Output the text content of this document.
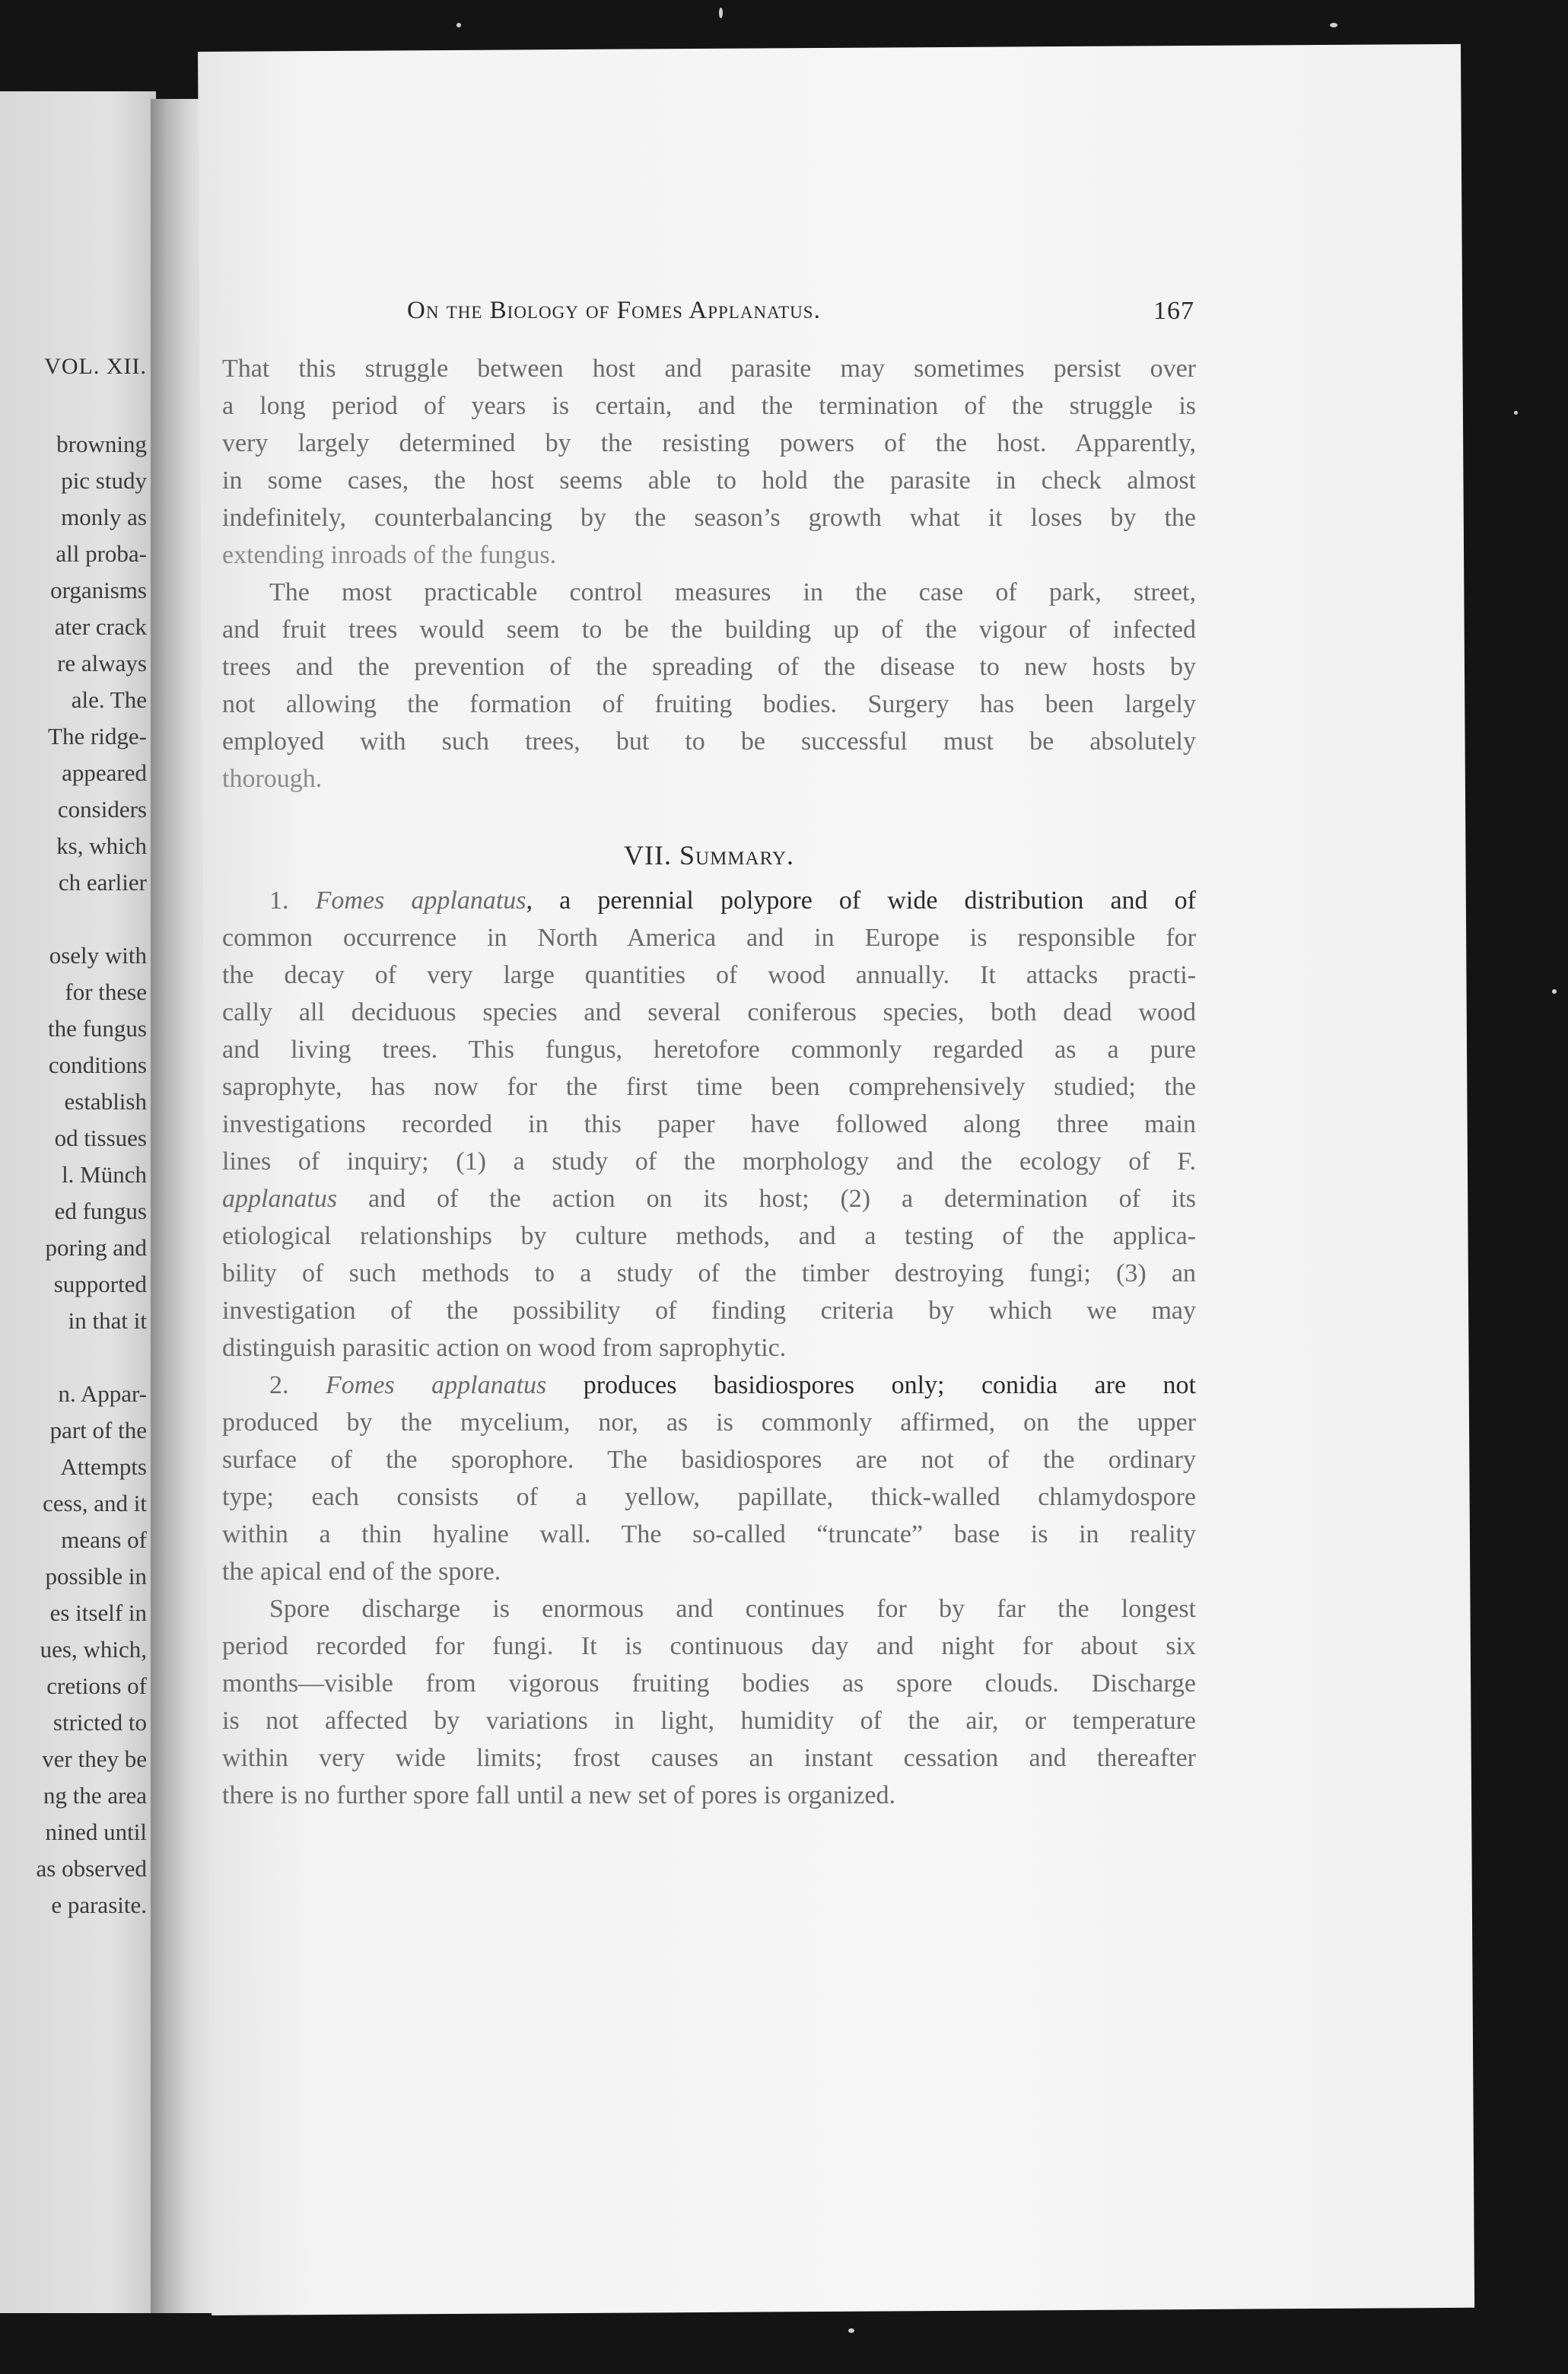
VOL. XII.
browning
pic study
monly as
all proba-
organisms
ater crack
re always
ale. The
The ridge-
appeared
considers
ks, which
ch earlier
osely with
for these
the fungus
conditions
establish
od tissues
l. Münch
ed fungus
poring and
supported
in that it
n. Appar-
part of the
Attempts
cess, and it
means of
possible in
es itself in
ues, which,
cretions of
stricted to
ver they be
ng the area
nined until
as observed
e parasite.
On the Biology of Fomes Applanatus.	167
That this struggle between host and parasite may sometimes persist over
a long period of years is certain, and the termination of the struggle is
very largely determined by the resisting powers of the host. Apparently,
in some cases, the host seems able to hold the parasite in check almost
indefinitely, counterbalancing by the season’s growth what it loses by the
extending inroads of the fungus.
The most practicable control measures in the case of park, street,
and fruit trees would seem to be the building up of the vigour of infected
trees and the prevention of the spreading of the disease to new hosts by
not allowing the formation of fruiting bodies. Surgery has been largely
employed with such trees, but to be successful must be absolutely
thorough.
VII. Summary.
1. Fomes applanatus, a perennial polypore of wide distribution and of
common occurrence in North America and in Europe is responsible for
the decay of very large quantities of wood annually. It attacks practi-
cally all deciduous species and several coniferous species, both dead wood
and living trees. This fungus, heretofore commonly regarded as a pure
saprophyte, has now for the first time been comprehensively studied; the
investigations recorded in this paper have followed along three main
lines of inquiry; (1) a study of the morphology and the ecology of F.
applanatus and of the action on its host; (2) a determination of its
etiological relationships by culture methods, and a testing of the applica-
bility of such methods to a study of the timber destroying fungi; (3) an
investigation of the possibility of finding criteria by which we may
distinguish parasitic action on wood from saprophytic.
2. Fomes applanatus produces basidiospores only; conidia are not
produced by the mycelium, nor, as is commonly affirmed, on the upper
surface of the sporophore. The basidiospores are not of the ordinary
type; each consists of a yellow, papillate, thick-walled chlamydospore
within a thin hyaline wall. The so-called “truncate” base is in reality
the apical end of the spore.
Spore discharge is enormous and continues for by far the longest
period recorded for fungi. It is continuous day and night for about six
months—visible from vigorous fruiting bodies as spore clouds. Discharge
is not affected by variations in light, humidity of the air, or temperature
within very wide limits; frost causes an instant cessation and thereafter
there is no further spore fall until a new set of pores is organized.
